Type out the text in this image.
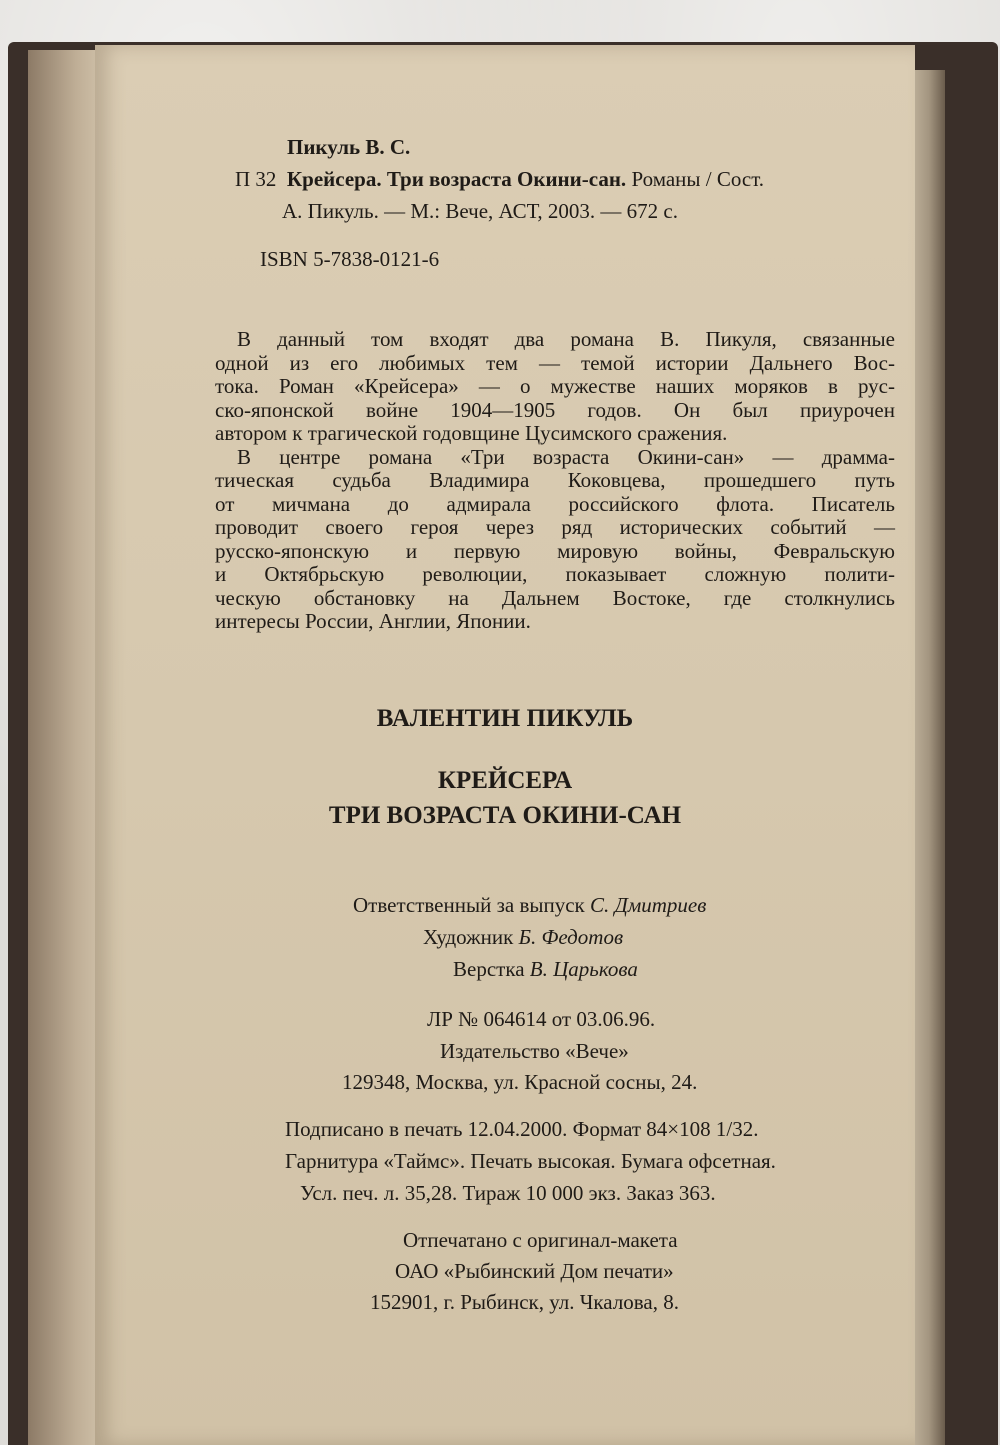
Пикуль В. С.
П 32 Крейсера. Три возраста Окини-сан. Романы / Сост.
А. Пикуль. — М.: Вече, АСТ, 2003. — 672 с.
ISBN 5-7838-0121-6
В данный том входят два романа В. Пикуля, связанные
одной из его любимых тем — темой истории Дальнего Вос-
тока. Роман «Крейсера» — о мужестве наших моряков в рус-
ско-японской войне 1904—1905 годов. Он был приурочен
автором к трагической годовщине Цусимского сражения.
В центре романа «Три возраста Окини-сан» — драмма-
тическая судьба Владимира Коковцева, прошедшего путь
от мичмана до адмирала российского флота. Писатель
проводит своего героя через ряд исторических событий —
русско-японскую и первую мировую войны, Февральскую
и Октябрьскую революции, показывает сложную полити-
ческую обстановку на Дальнем Востоке, где столкнулись
интересы России, Англии, Японии.
ВАЛЕНТИН ПИКУЛЬ
КРЕЙСЕРА
ТРИ ВОЗРАСТА ОКИНИ-САН
Ответственный за выпуск С. Дмитриев
Художник Б. Федотов
Верстка В. Царькова
ЛР № 064614 от 03.06.96.
Издательство «Вече»
129348, Москва, ул. Красной сосны, 24.
Подписано в печать 12.04.2000. Формат 84×108 1/32.
Гарнитура «Таймс». Печать высокая. Бумага офсетная.
Усл. печ. л. 35,28. Тираж 10 000 экз. Заказ 363.
Отпечатано с оригинал-макета
ОАО «Рыбинский Дом печати»
152901, г. Рыбинск, ул. Чкалова, 8.
